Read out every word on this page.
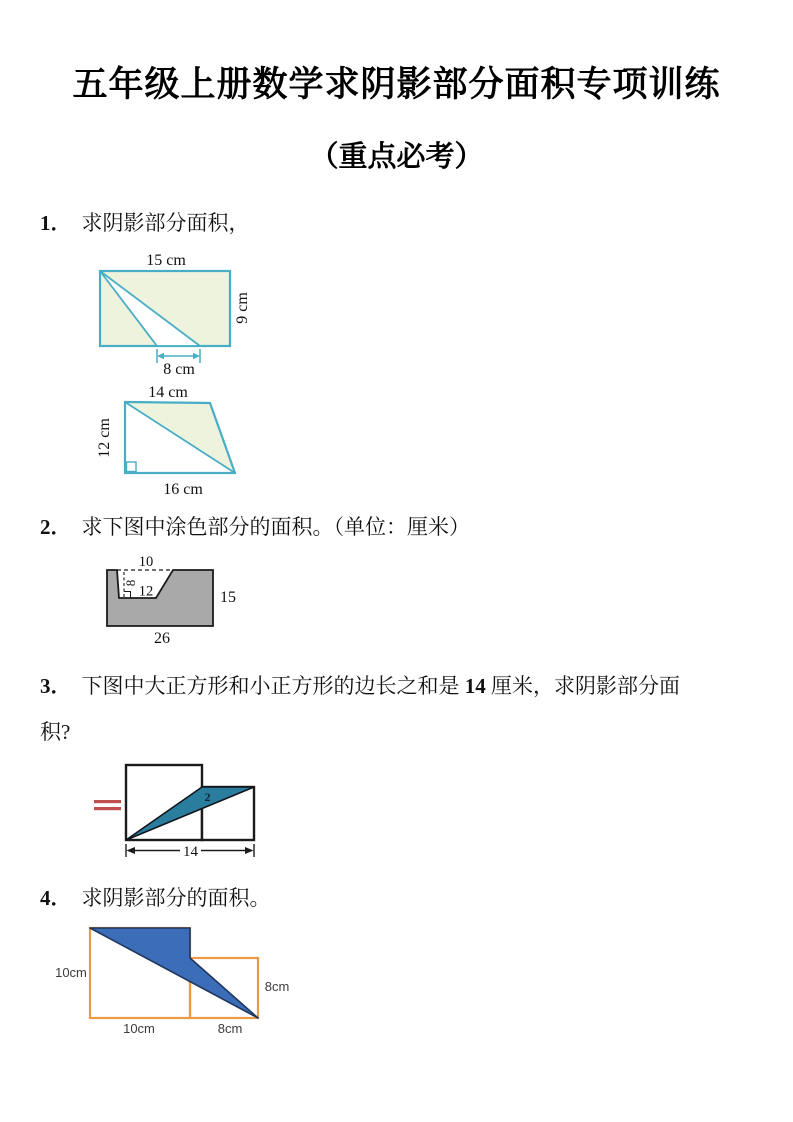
五年级上册数学求阴影部分面积专项训练
（重点必考）
1． 求阴影部分面积，
15 cm
9 cm
8 cm
14 cm
12 cm
16 cm
2． 求下图中涂色部分的面积。（单位：厘米）
10
8
12	15
26
3． 下图中大正方形和小正方形的边长之和是 14 厘米，求阴影部分面
积?
2
14
4． 求阴影部分的面积。
10cm
8cm
10cm	8cm
